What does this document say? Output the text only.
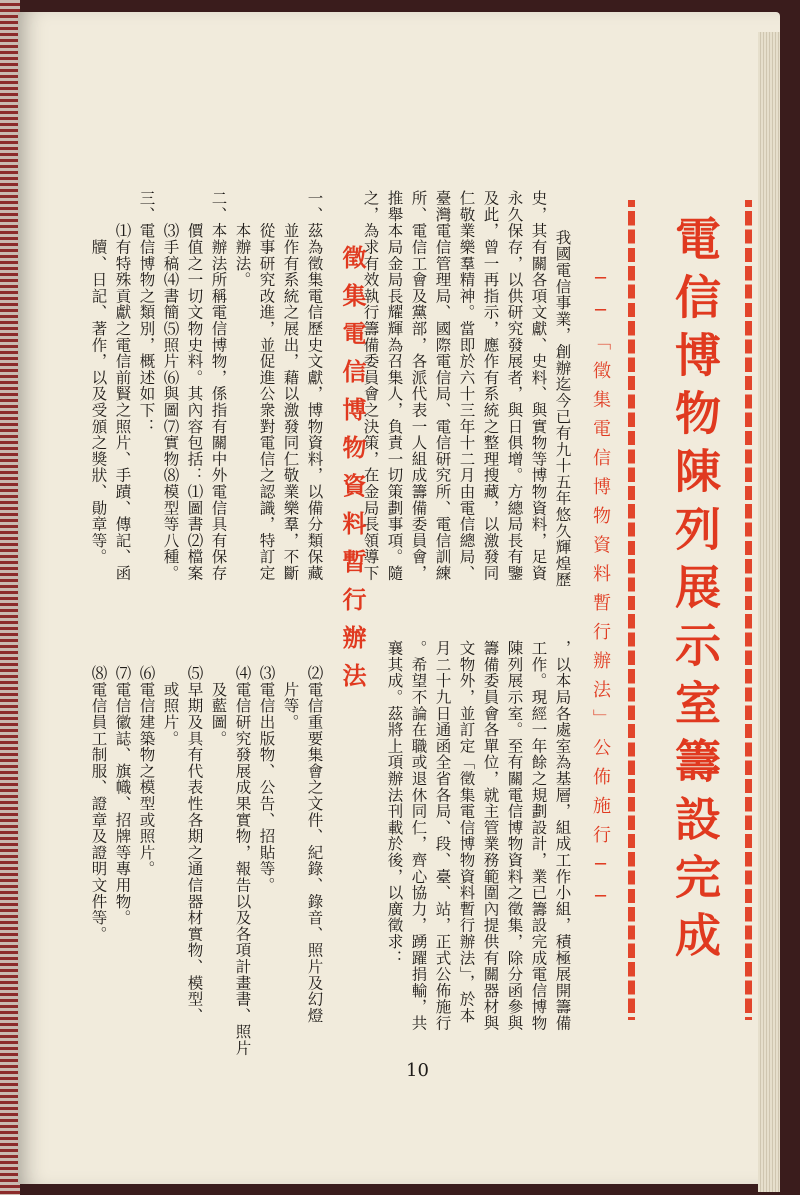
電信博物陳列展示室籌設完成
──「徵集電信博物資料暫行辦法」公佈施行──
　我國電信事業，創辦迄今已有九十五年悠久輝煌歷
史，其有關各項文獻、史料、與實物等博物資料，足資
永久保存，以供研究發展者，與日俱增。方總局長有鑒
及此，曾一再指示，應作有系統之整理搜藏，以激發同
仁敬業樂羣精神。當即於六十三年十二月由電信總局、
臺灣電信管理局、國際電信局、電信研究所、電信訓練
所、電信工會及黨部，各派代表一人組成籌備委員會，
推舉本局金局長耀輝為召集人，負責一切策劃事項。隨
之，為求有效執行籌備委員會之決策，在金局長領導下
，以本局各處室為基層，組成工作小組，積極展開籌備
工作。現經一年餘之規劃設計，業已籌設完成電信博物
陳列展示室。至有關電信博物資料之徵集，除分函參與
籌備委員會各單位，就主管業務範圍內提供有關器材與
文物外，並訂定「徵集電信博物資料暫行辦法」，於本
月二十九日通函全省各局、段、臺、站，正式公佈施行
。希望不論在職或退休同仁，齊心協力，踴躍捐輸，共
襄其成。茲將上項辦法刊載於後，以廣徵求：
徵集電信博物資料暫行辦法
一、茲為徵集電信歷史文獻，博物資料，以備分類保藏
　　並作有系統之展出，藉以激發同仁敬業樂羣，不斷
　　從事研究改進，並促進公衆對電信之認識，特訂定
　　本辦法。
二、本辦法所稱電信博物，係指有關中外電信具有保存
　　價值之一切文物史料。其內容包括：⑴圖書⑵檔案
　　⑶手稿⑷書簡⑸照片⑹與圖⑺實物⑻模型等八種。
三、電信博物之類別，概述如下：
　　⑴有特殊貢獻之電信前賢之照片、手蹟、傳記、函
　　　牘、日記、著作，以及受頒之獎狀、勛章等。
⑵電信重要集會之文件、紀錄、錄音、照片及幻燈
　片等。
⑶電信出版物、公告、招貼等。
⑷電信研究發展成果實物，報告以及各項計畫書、照片
　及藍圖。
⑸早期及具有代表性各期之通信器材實物、模型、
　或照片。
⑹電信建築物之模型或照片。
⑺電信徽誌、旗幟、招牌等專用物。
⑻電信員工制服、證章及證明文件等。
10
